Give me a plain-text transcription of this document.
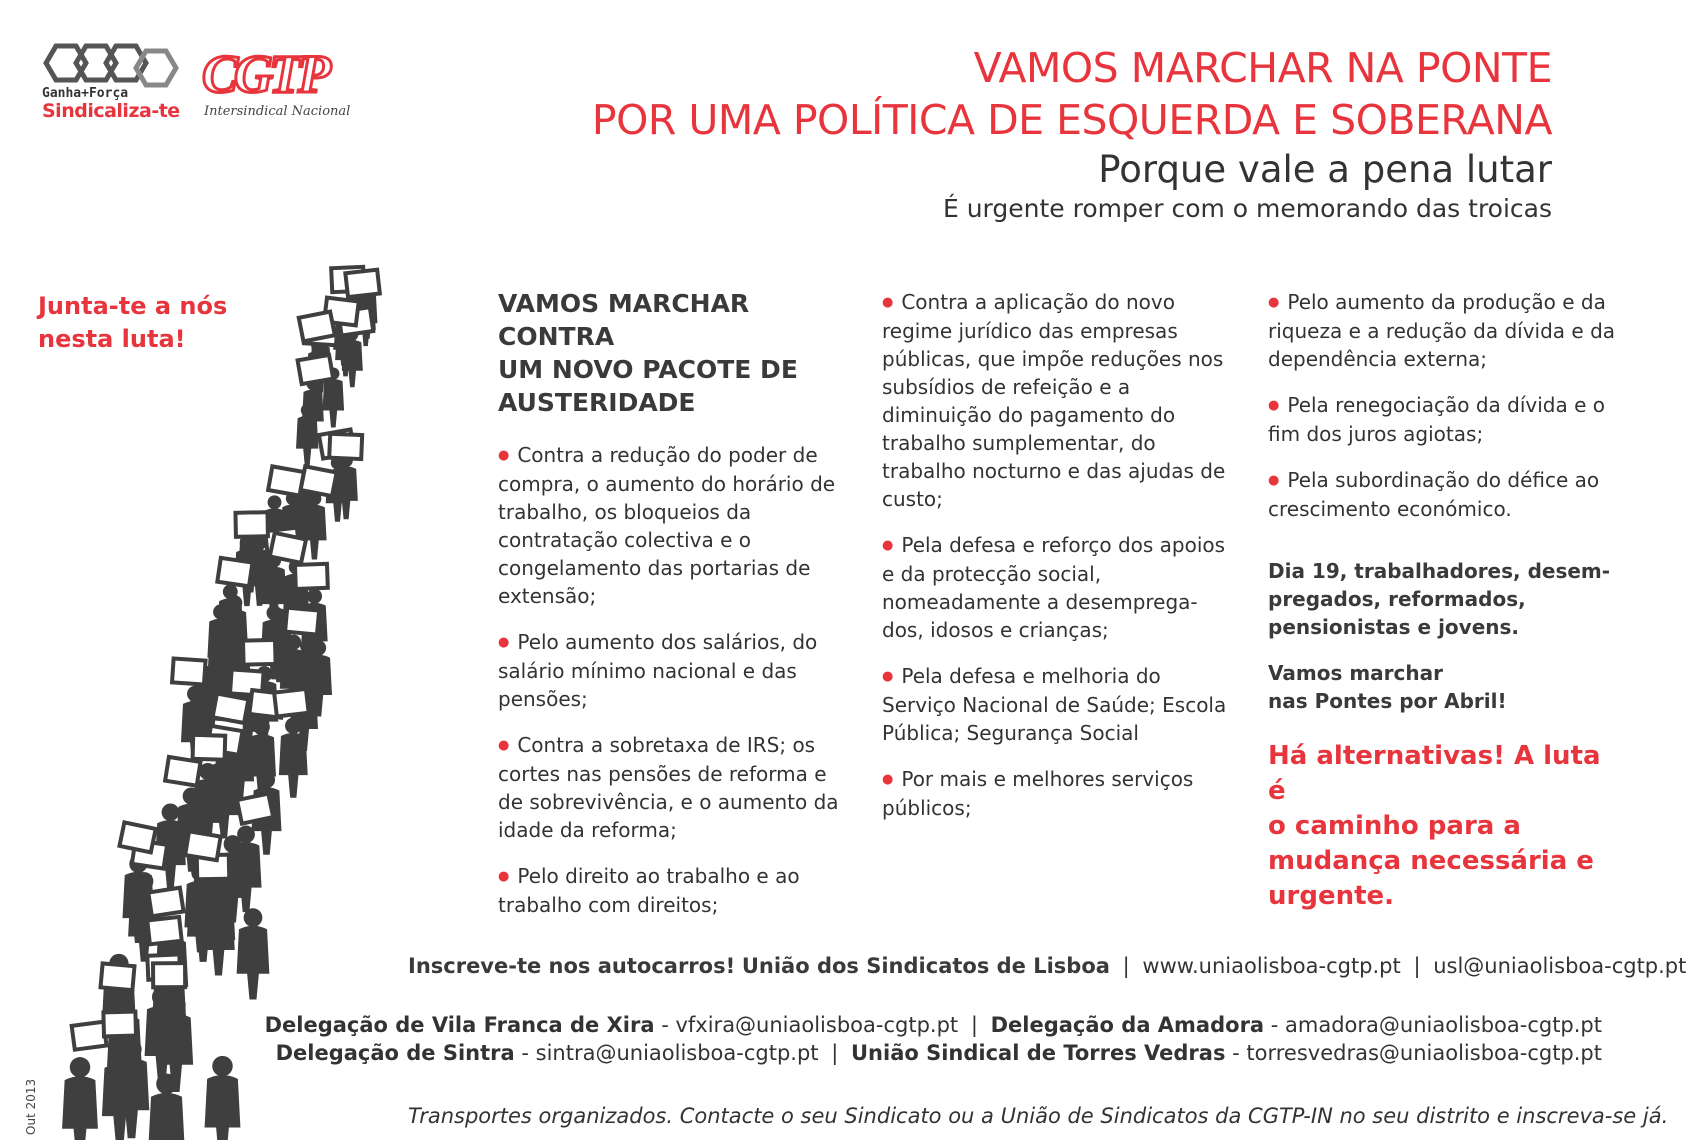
Ganha+Força
Sindicaliza-te
CGTP
Intersindical Nacional
VAMOS MARCHAR NA PONTE
POR UMA POLÍTICA DE ESQUERDA E SOBERANA
Porque vale a pena lutar
É urgente romper com o memorando das troicas
Junta-te a nós
nesta luta!
VAMOS MARCHAR CONTRA
UM NOVO PACOTE DE
AUSTERIDADE

● Contra a redução do poder de compra, o aumento do horário de trabalho, os bloqueios da contratação colectiva e o congelamento das portarias de extensão;

● Pelo aumento dos salários, do salário mínimo nacional e das pensões;

● Contra a sobretaxa de IRS; os cortes nas pensões de reforma e de sobrevivência, e o aumento da idade da reforma;

● Pelo direito ao trabalho e ao trabalho com direitos;

● Contra a aplicação do novo regime jurídico das empresas públicas, que impõe reduções nos subsídios de refeição e a diminuição do pagamento do trabalho sumplementar, do trabalho nocturno e das ajudas de custo;

● Pela defesa e reforço dos apoios e da protecção social, nomeadamente a desemprega-dos, idosos e crianças;

● Pela defesa e melhoria do Serviço Nacional de Saúde; Escola Pública; Segurança Social

● Por mais e melhores serviços públicos;

● Pelo aumento da produção e da riqueza e a redução da dívida e da dependência externa;

● Pela renegociação da dívida e o fim dos juros agiotas;

● Pela subordinação do défice ao crescimento económico.

Dia 19, trabalhadores, desem-pregados, reformados, pensionistas e jovens.

Vamos marchar
nas Pontes por Abril!

Há alternativas! A luta é
o caminho para a
mudança necessária e
urgente.
Inscreve-te nos autocarros! União dos Sindicatos de Lisboa | www.uniaolisboa-cgtp.pt | usl@uniaolisboa-cgtp.pt
Delegação de Vila Franca de Xira - vfxira@uniaolisboa-cgtp.pt | Delegação da Amadora - amadora@uniaolisboa-cgtp.pt
Delegação de Sintra - sintra@uniaolisboa-cgtp.pt | União Sindical de Torres Vedras - torresvedras@uniaolisboa-cgtp.pt
Transportes organizados. Contacte o seu Sindicato ou a União de Sindicatos da CGTP-IN no seu distrito e inscreva-se já.
Out 2013
